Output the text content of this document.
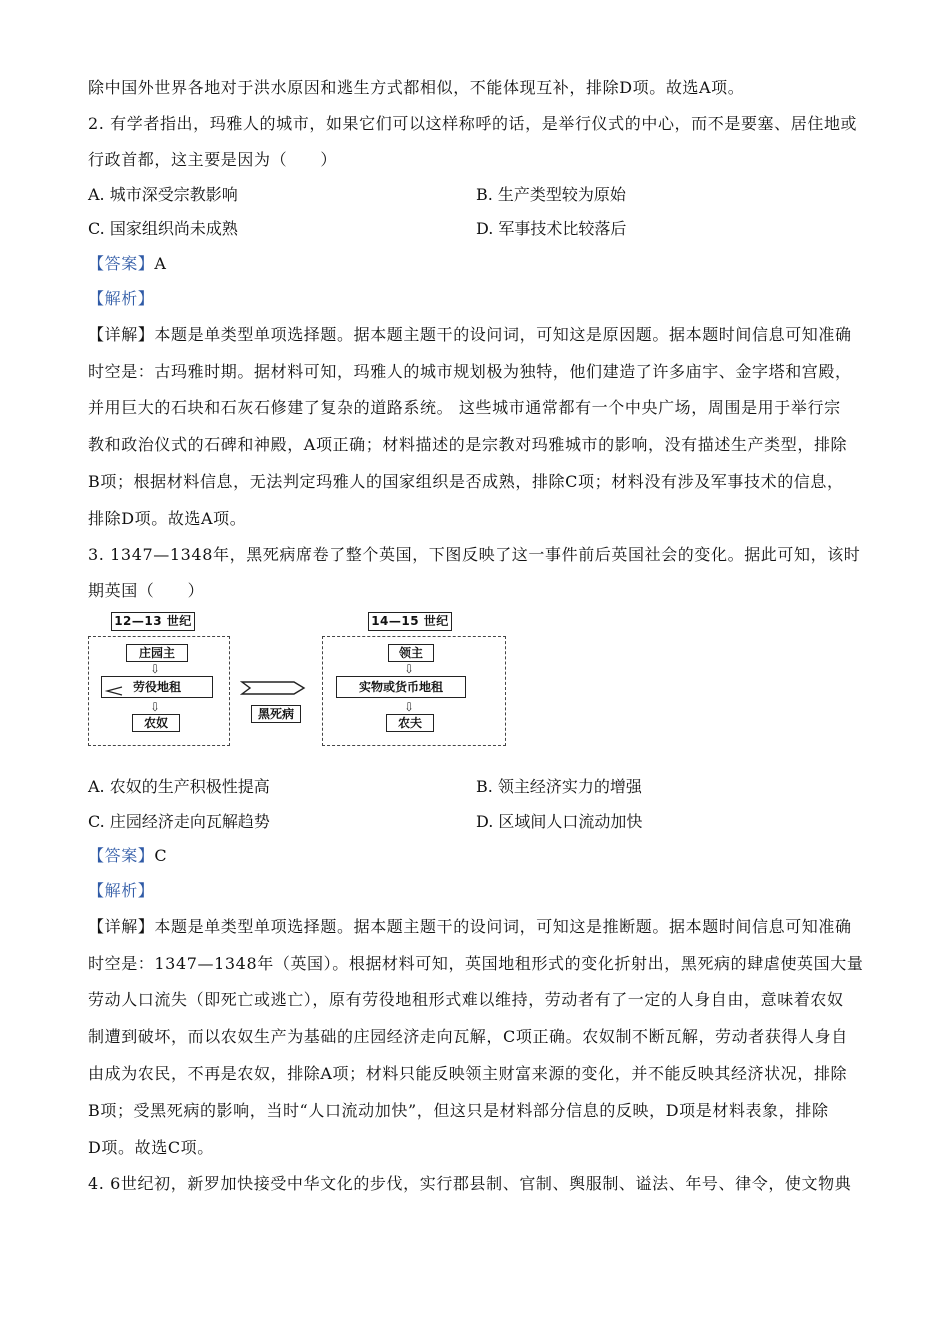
除中国外世界各地对于洪水原因和逃生方式都相似，不能体现互补，排除D项。故选A项。
2. 有学者指出，玛雅人的城市，如果它们可以这样称呼的话，是举行仪式的中心，而不是要塞、居住地或
行政首都，这主要是因为（　　）
A. 城市深受宗教影响	B. 生产类型较为原始
C. 国家组织尚未成熟	D. 军事技术比较落后
【答案】A
【解析】
【详解】本题是单类型单项选择题。据本题主题干的设问词，可知这是原因题。据本题时间信息可知准确
时空是：古玛雅时期。据材料可知，玛雅人的城市规划极为独特，他们建造了许多庙宇、金字塔和宫殿，
并用巨大的石块和石灰石修建了复杂的道路系统。 这些城市通常都有一个中央广场，周围是用于举行宗
教和政治仪式的石碑和神殿，A项正确；材料描述的是宗教对玛雅城市的影响，没有描述生产类型，排除
B项；根据材料信息，无法判定玛雅人的国家组织是否成熟，排除C项；材料没有涉及军事技术的信息，
排除D项。故选A项。
3. 1347—1348年，黑死病席卷了整个英国，下图反映了这一事件前后英国社会的变化。据此可知，该时
期英国（　　）
12—13 世纪
庄园主
⇩
劳役地租
⇩
农奴
黑死病
14—15 世纪
领主
⇩
实物或货币地租
⇩
农夫
A. 农奴的生产积极性提高	B. 领主经济实力的增强
C. 庄园经济走向瓦解趋势	D. 区域间人口流动加快
【答案】C
【解析】
【详解】本题是单类型单项选择题。据本题主题干的设问词，可知这是推断题。据本题时间信息可知准确
时空是：1347—1348年（英国）。根据材料可知，英国地租形式的变化折射出，黑死病的肆虐使英国大量
劳动人口流失（即死亡或逃亡），原有劳役地租形式难以维持，劳动者有了一定的人身自由，意味着农奴
制遭到破坏，而以农奴生产为基础的庄园经济走向瓦解，C项正确。农奴制不断瓦解，劳动者获得人身自
由成为农民，不再是农奴，排除A项；材料只能反映领主财富来源的变化，并不能反映其经济状况，排除
B项；受黑死病的影响，当时“人口流动加快”，但这只是材料部分信息的反映，D项是材料表象，排除
D项。故选C项。
4. 6世纪初，新罗加快接受中华文化的步伐，实行郡县制、官制、舆服制、谥法、年号、律令，使文物典
